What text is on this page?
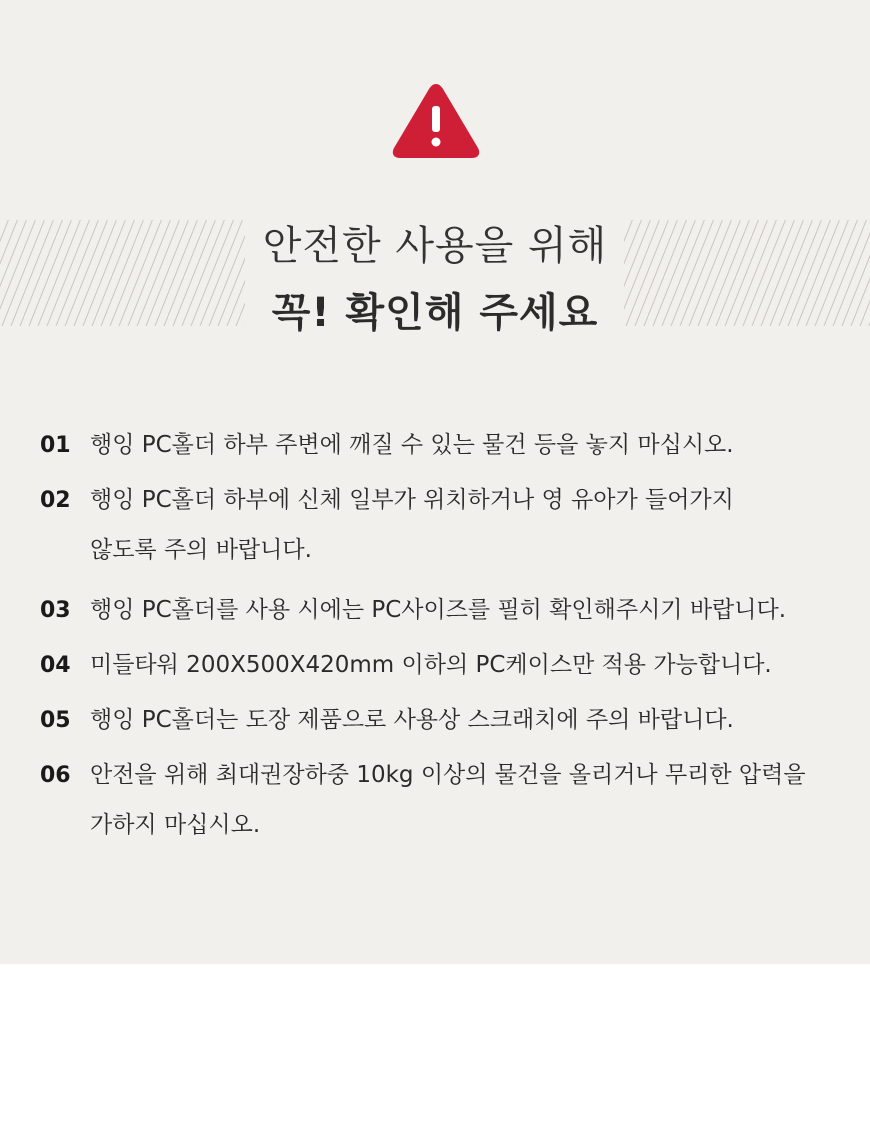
안전한 사용을 위해
꼭! 확인해 주세요
01 행잉 PC홀더 하부 주변에 깨질 수 있는 물건 등을 놓지 마십시오.
02 행잉 PC홀더 하부에 신체 일부가 위치하거나 영 유아가 들어가지
않도록 주의 바랍니다.
03 행잉 PC홀더를 사용 시에는 PC사이즈를 필히 확인해주시기 바랍니다.
04 미들타워 200X500X420mm 이하의 PC케이스만 적용 가능합니다.
05 행잉 PC홀더는 도장 제품으로 사용상 스크래치에 주의 바랍니다.
06 안전을 위해 최대권장하중 10kg 이상의 물건을 올리거나 무리한 압력을
가하지 마십시오.
